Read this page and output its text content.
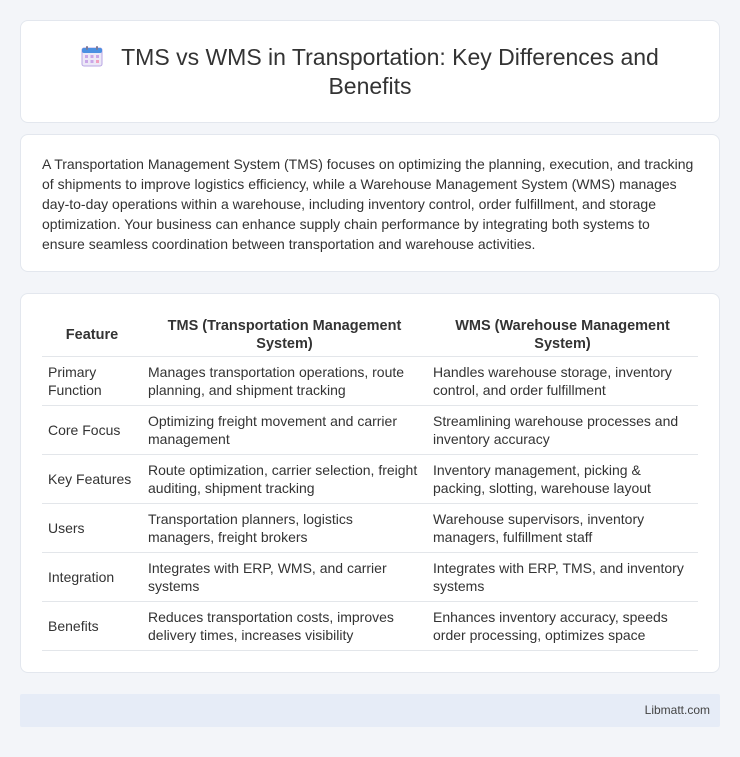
TMS vs WMS in Transportation: Key Differences and Benefits

A Transportation Management System (TMS) focuses on optimizing the planning, execution, and tracking of shipments to improve logistics efficiency, while a Warehouse Management System (WMS) manages day-to-day operations within a warehouse, including inventory control, order fulfillment, and storage optimization. Your business can enhance supply chain performance by integrating both systems to ensure seamless coordination between transportation and warehouse activities.

Feature	TMS (Transportation Management System)	WMS (Warehouse Management System)
Primary Function	Manages transportation operations, route planning, and shipment tracking	Handles warehouse storage, inventory control, and order fulfillment
Core Focus	Optimizing freight movement and carrier management	Streamlining warehouse processes and inventory accuracy
Key Features	Route optimization, carrier selection, freight auditing, shipment tracking	Inventory management, picking & packing, slotting, warehouse layout
Users	Transportation planners, logistics managers, freight brokers	Warehouse supervisors, inventory managers, fulfillment staff
Integration	Integrates with ERP, WMS, and carrier systems	Integrates with ERP, TMS, and inventory systems
Benefits	Reduces transportation costs, improves delivery times, increases visibility	Enhances inventory accuracy, speeds order processing, optimizes space
Libmatt.com
